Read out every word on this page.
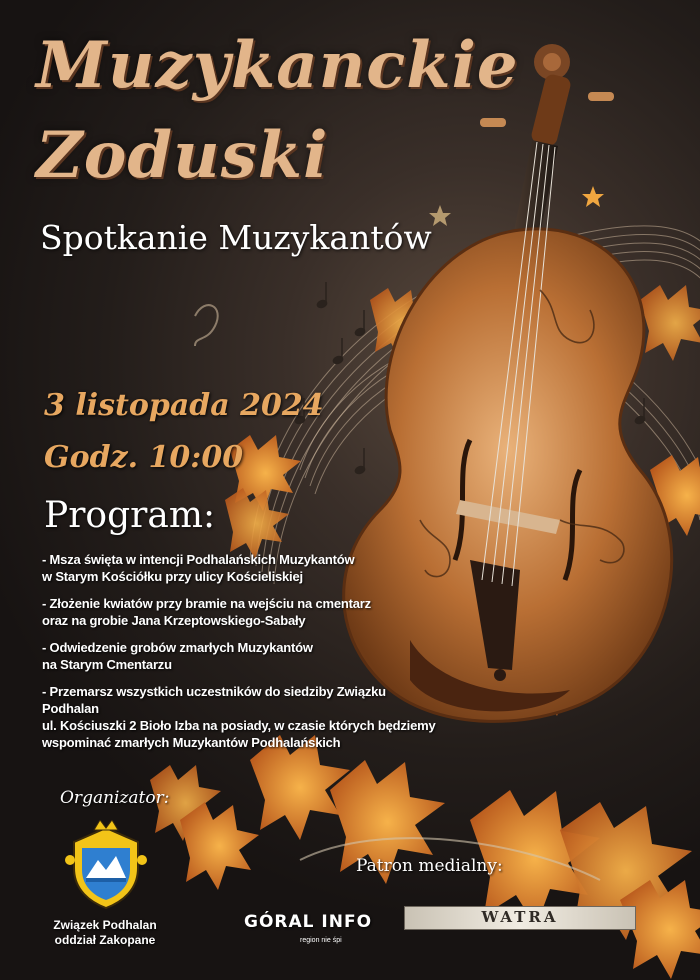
Muzykanckie
Zoduski
Spotkanie Muzykantów
3 listopada 2024
Godz. 10:00
Program:
- Msza święta w intencji Podhalańskich Muzykantów
w Starym Kościółku przy ulicy Kościeliskiej
- Złożenie kwiatów przy bramie na wejściu na cmentarz
oraz na grobie Jana Krzeptowskiego-Sabały
- Odwiedzenie grobów zmarłych Muzykantów
na Starym Cmentarzu
- Przemarsz wszystkich uczestników do siedziby Związku Podhalan
ul. Kościuszki 2 Bioło Izba na posiady, w czasie których będziemy
wspominać zmarłych Muzykantów Podhalańskich
Organizator:
Związek Podhalan
oddział Zakopane
Patron medialny:
GÓRAL INFO
region nie śpi
WATRA
